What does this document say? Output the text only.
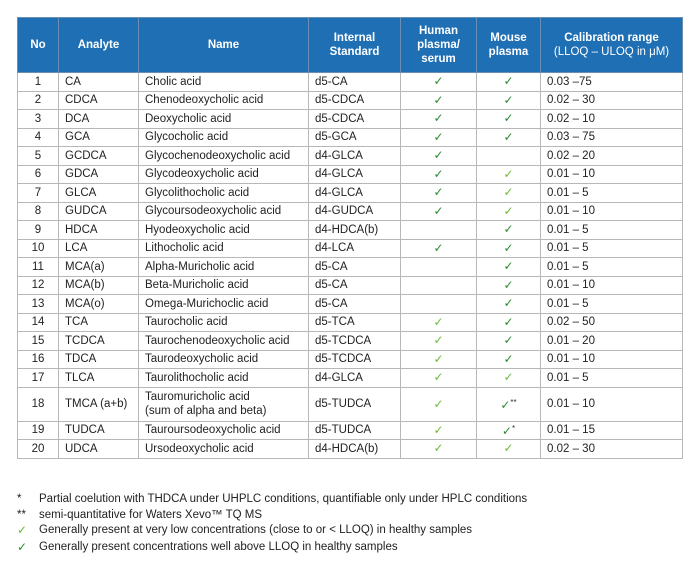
No	Analyte	Name	Internal Standard	Human plasma/ serum	Mouse plasma	Calibration range
(LLOQ – ULOQ in μM)

1	CA	Cholic acid	d5-CA	✓	✓	0.03 –75
2	CDCA	Chenodeoxycholic acid	d5-CDCA	✓	✓	0.02 – 30
3	DCA	Deoxycholic acid	d5-CDCA	✓	✓	0.02 – 10
4	GCA	Glycocholic acid	d5-GCA	✓	✓	0.03 – 75
5	GCDCA	Glycochenodeoxycholic acid	d4-GLCA	✓		0.02 – 20
6	GDCA	Glycodeoxycholic acid	d4-GLCA	✓	✓	0.01 – 10
7	GLCA	Glycolithocholic acid	d4-GLCA	✓	✓	0.01 – 5
8	GUDCA	Glycoursodeoxycholic acid	d4-GUDCA	✓	✓	0.01 – 10
9	HDCA	Hyodeoxycholic acid	d4-HDCA(b)		✓	0.01 – 5
10	LCA	Lithocholic acid	d4-LCA	✓	✓	0.01 – 5
11	MCA(a)	Alpha-Muricholic acid	d5-CA		✓	0.01 – 5
12	MCA(b)	Beta-Muricholic acid	d5-CA		✓	0.01 – 10
13	MCA(o)	Omega-Murichoclic acid	d5-CA		✓	0.01 – 5
14	TCA	Taurocholic acid	d5-TCA	✓	✓	0.02 – 50
15	TCDCA	Taurochenodeoxycholic acid	d5-TCDCA	✓	✓	0.01 – 20
16	TDCA	Taurodeoxycholic acid	d5-TCDCA	✓	✓	0.01 – 10
17	TLCA	Taurolithocholic acid	d4-GLCA	✓	✓	0.01 – 5
18	TMCA (a+b)	Tauromuricholic acid
(sum of alpha and beta)	d5-TUDCA	✓	✓**	0.01 – 10
19	TUDCA	Tauroursodeoxycholic acid	d5-TUDCA	✓	✓*	0.01 – 15
20	UDCA	Ursodeoxycholic acid	d4-HDCA(b)	✓	✓	0.02 – 30
*	Partial coelution with THDCA under UHPLC conditions, quantifiable only under HPLC conditions
**	semi-quantitative for Waters Xevo™ TQ MS
✓	Generally present at very low concentrations (close to or < LLOQ) in healthy samples
✓	Generally present concentrations well above LLOQ in healthy samples
